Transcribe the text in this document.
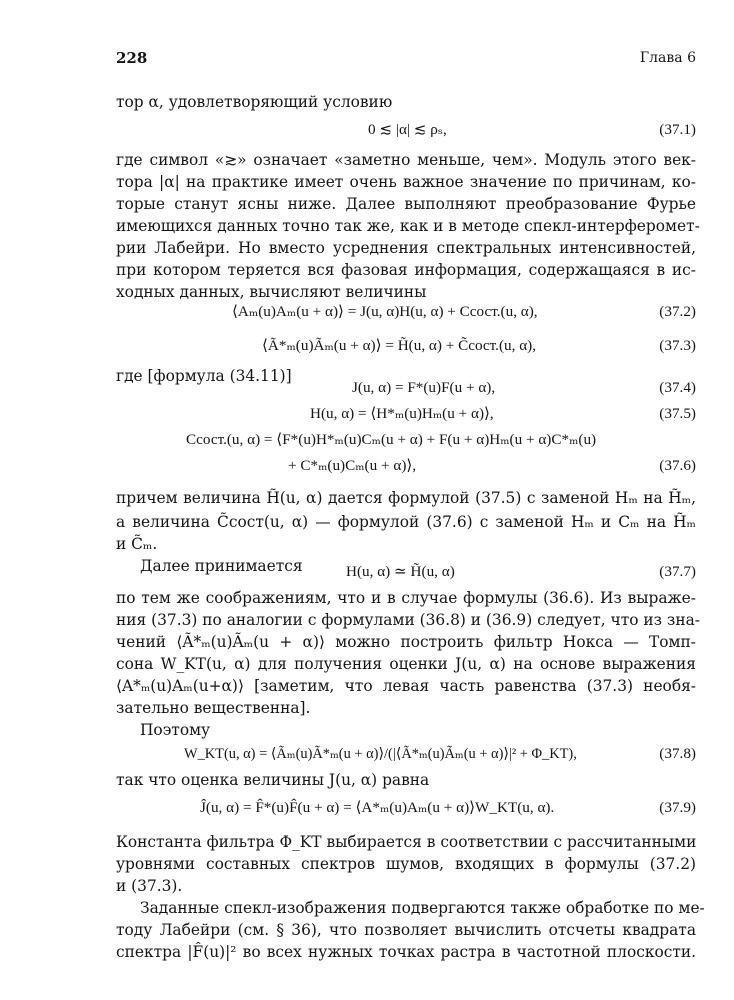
228	Глава 6
тор α, удовлетворяющий условию
0 ≲ |α| ≲ ρₛ,	(37.1)
где символ «≳» означает «заметно меньше, чем». Модуль этого век-
тора |α| на практике имеет очень важное значение по причинам, ко-
торые станут ясны ниже. Далее выполняют преобразование Фурье
имеющихся данных точно так же, как и в методе спекл-интерферомет-
рии Лабейри. Но вместо усреднения спектральных интенсивностей,
при котором теряется вся фазовая информация, содержащаяся в ис-
ходных данных, вычисляют величины
⟨Aₘ(u)Aₘ(u + α)⟩ = J(u, α)H(u, α) + Cсост.(u, α),	(37.2)
⟨Ã*ₘ(u)Ãₘ(u + α)⟩ = H̃(u, α) + C̃сост.(u, α),	(37.3)
где [формула (34.11)]
J(u, α) = F*(u)F(u + α),	(37.4)
H(u, α) = ⟨H*ₘ(u)Hₘ(u + α)⟩,	(37.5)
Cсост.(u, α) = ⟨F*(u)H*ₘ(u)Cₘ(u + α) + F(u + α)Hₘ(u + α)C*ₘ(u)
+ C*ₘ(u)Cₘ(u + α)⟩,	(37.6)
причем величина H̃(u, α) дается формулой (37.5) с заменой Hₘ на H̃ₘ,
а величина C̃сост(u, α) — формулой (37.6) с заменой Hₘ и Cₘ на H̃ₘ
и C̃ₘ.
Далее принимается	H(u, α) ≃ H̃(u, α)	(37.7)
по тем же соображениям, что и в случае формулы (36.6). Из выраже-
ния (37.3) по аналогии с формулами (36.8) и (36.9) следует, что из зна-
чений ⟨Ã*ₘ(u)Ãₘ(u + α)⟩ можно построить фильтр Нокса — Томп-
сона W_KT(u, α) для получения оценки J(u, α) на основе выражения
⟨A*ₘ(u)Aₘ(u+α)⟩ [заметим, что левая часть равенства (37.3) необя-
зательно вещественна].
Поэтому
W_KT(u, α) = ⟨Ãₘ(u)Ã*ₘ(u + α)⟩/(|⟨Ã*ₘ(u)Ãₘ(u + α)⟩|² + Φ_KT),	(37.8)
так что оценка величины J(u, α) равна
Ĵ(u, α) = F̂*(u)F̂(u + α) = ⟨A*ₘ(u)Aₘ(u + α)⟩W_KT(u, α).	(37.9)
Константа фильтра Φ_KT выбирается в соответствии с рассчитанными
уровнями составных спектров шумов, входящих в формулы (37.2)
и (37.3).
Заданные спекл-изображения подвергаются также обработке по ме-
тоду Лабейри (см. § 36), что позволяет вычислить отсчеты квадрата
спектра |F̂(u)|² во всех нужных точках растра в частотной плоскости.
